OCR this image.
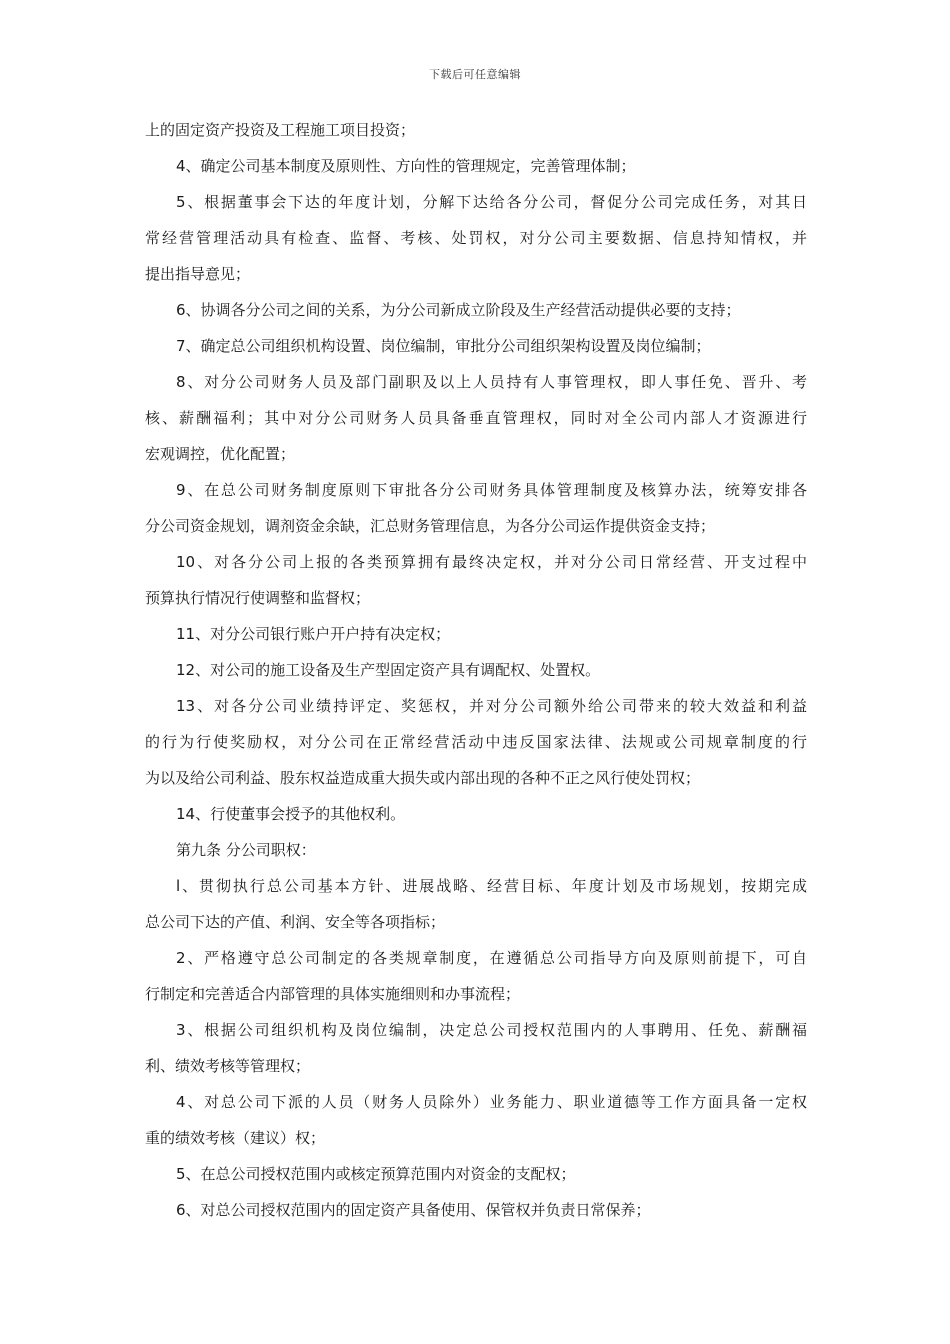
下载后可任意编辑
上的固定资产投资及工程施工项目投资；
4、确定公司基本制度及原则性、方向性的管理规定，完善管理体制；
5、根据董事会下达的年度计划，分解下达给各分公司，督促分公司完成任务，对其日
常经营管理活动具有检查、监督、考核、处罚权，对分公司主要数据、信息持知情权，并
提出指导意见；
6、协调各分公司之间的关系，为分公司新成立阶段及生产经营活动提供必要的支持；
7、确定总公司组织机构设置、岗位编制，审批分公司组织架构设置及岗位编制；
8、对分公司财务人员及部门副职及以上人员持有人事管理权，即人事任免、晋升、考
核、薪酬福利；其中对分公司财务人员具备垂直管理权，同时对全公司内部人才资源进行
宏观调控，优化配置；
9、在总公司财务制度原则下审批各分公司财务具体管理制度及核算办法，统筹安排各
分公司资金规划，调剂资金余缺，汇总财务管理信息，为各分公司运作提供资金支持；
10、对各分公司上报的各类预算拥有最终决定权，并对分公司日常经营、开支过程中
预算执行情况行使调整和监督权；
11、对分公司银行账户开户持有决定权；
12、对公司的施工设备及生产型固定资产具有调配权、处置权。
13、对各分公司业绩持评定、奖惩权，并对分公司额外给公司带来的较大效益和利益
的行为行使奖励权，对分公司在正常经营活动中违反国家法律、法规或公司规章制度的行
为以及给公司利益、股东权益造成重大损失或内部出现的各种不正之风行使处罚权；
14、行使董事会授予的其他权利。
第九条 分公司职权：
l、贯彻执行总公司基本方针、进展战略、经营目标、年度计划及市场规划，按期完成
总公司下达的产值、利润、安全等各项指标；
2、严格遵守总公司制定的各类规章制度，在遵循总公司指导方向及原则前提下，可自
行制定和完善适合内部管理的具体实施细则和办事流程；
3、根据公司组织机构及岗位编制，决定总公司授权范围内的人事聘用、任免、薪酬福
利、绩效考核等管理权；
4、对总公司下派的人员（财务人员除外）业务能力、职业道德等工作方面具备一定权
重的绩效考核（建议）权；
5、在总公司授权范围内或核定预算范围内对资金的支配权；
6、对总公司授权范围内的固定资产具备使用、保管权并负责日常保养；
